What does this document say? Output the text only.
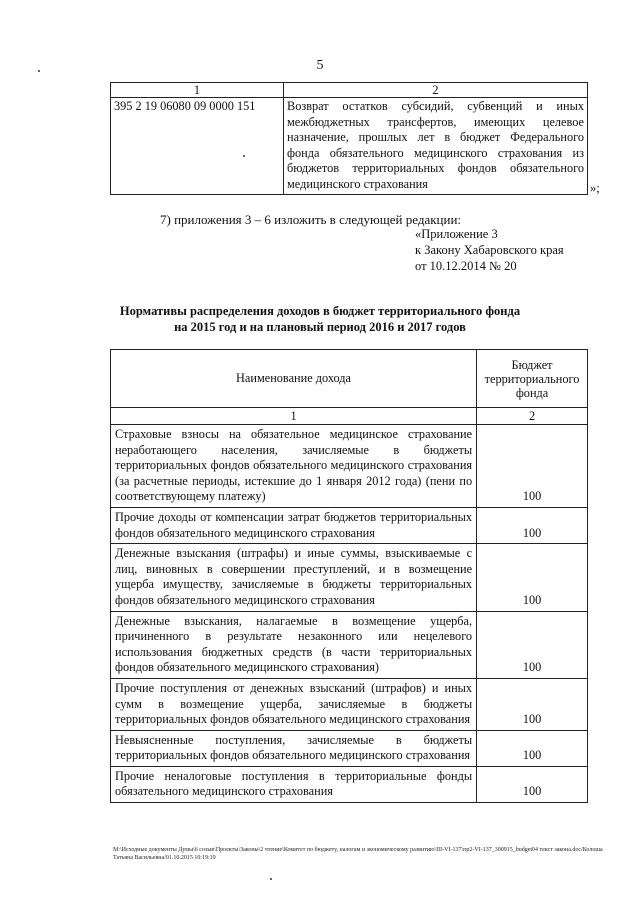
5
1	2
395 2 19 06080 09 0000 151	Возврат остатков субсидий, субвенций и иных межбюджетных трансфертов, имеющих целевое назначение, прошлых лет в бюджет Федерального фонда обязательного медицинского страхования из бюджетов территориальных фондов обязательного медицинского страхования	»;
7) приложения 3 – 6 изложить в следующей редакции:
«Приложение 3
к Закону Хабаровского края
от 10.12.2014 № 20
Нормативы распределения доходов в бюджет территориального фонда
на 2015 год и на плановый период 2016 и 2017 годов
Наименование дохода	Бюджет территориального фонда
1	2

Страховые взносы на обязательное медицинское страхование неработающего населения, зачисляемые в бюджеты территориальных фондов обязательного медицинского страхования (за расчетные периоды, истекшие до 1 января 2012 года) (пени по соответствующему платежу)	100

Прочие доходы от компенсации затрат бюджетов территориальных фондов обязательного медицинского страхования	100

Денежные взыскания (штрафы) и иные суммы, взыскиваемые с лиц, виновных в совершении преступлений, и в возмещение ущерба имуществу, зачисляемые в бюджеты территориальных фондов обязательного медицинского страхования	100

Денежные взыскания, налагаемые в возмещение ущерба, причиненного в результате незаконного или нецелевого использования бюджетных средств (в части территориальных фондов обязательного медицинского страхования)	100

Прочие поступления от денежных взысканий (штрафов) и иных сумм в возмещение ущерба, зачисляемые в бюджеты территориальных фондов обязательного медицинского страхования	100

Невыясненные поступления, зачисляемые в бюджеты территориальных фондов обязательного медицинского страхования	100

Прочие неналоговые поступления в территориальные фонды обязательного медицинского страхования	100
M:\Исходные документы Думы\6 созыв\Проекты\Законы\2 чтение\Комитет по бюджету, налогам и экономическому развитию\III-VI-137\пр2-VI-137_300915_budget04 текст закона.doc/Колоша Татьяна Васильевна/01.10.2015 10:19:19
